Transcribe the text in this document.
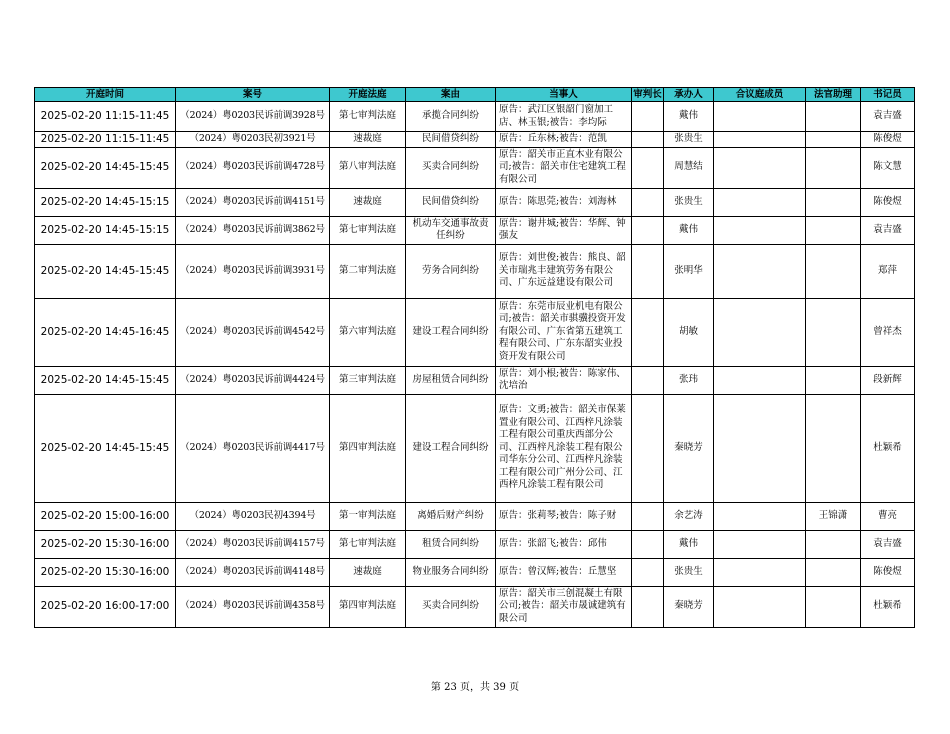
开庭时间	案号	开庭法庭	案由	当事人	审判长	承办人	合议庭成员	法官助理	书记员
2025-02-20 11:15-11:45	（2024）粤0203民诉前调3928号	第七审判法庭	承揽合同纠纷	原告：武江区银韶门窗加工店、林玉银;被告：李均际		戴伟			袁吉盛
2025-02-20 11:15-11:45	（2024）粤0203民初3921号	速裁庭	民间借贷纠纷	原告：丘东林;被告：范凯		张贵生			陈俊煜
2025-02-20 14:45-15:45	（2024）粤0203民诉前调4728号	第八审判法庭	买卖合同纠纷	原告：韶关市正直木业有限公司;被告：韶关市住宅建筑工程有限公司		周慧结			陈文慧
2025-02-20 14:45-15:15	（2024）粤0203民诉前调4151号	速裁庭	民间借贷纠纷	原告：陈思莞;被告：刘海林		张贵生			陈俊煜
2025-02-20 14:45-15:15	（2024）粤0203民诉前调3862号	第七审判法庭	机动车交通事故责任纠纷	原告：谢井城;被告：华辉、钟强友		戴伟			袁吉盛
2025-02-20 14:45-15:45	（2024）粤0203民诉前调3931号	第二审判法庭	劳务合同纠纷	原告：刘世俊;被告：熊良、韶关市瑞兆丰建筑劳务有限公司、广东远益建设有限公司		张明华			郑萍
2025-02-20 14:45-16:45	（2024）粤0203民诉前调4542号	第六审判法庭	建设工程合同纠纷	原告：东莞市辰业机电有限公司;被告：韶关市骐骥投资开发有限公司、广东省第五建筑工程有限公司、广东东韶实业投资开发有限公司		胡敏			曾祥杰
2025-02-20 14:45-15:45	（2024）粤0203民诉前调4424号	第三审判法庭	房屋租赁合同纠纷	原告：刘小根;被告：陈家伟、沈培治		张玮			段新辉
2025-02-20 14:45-15:45	（2024）粤0203民诉前调4417号	第四审判法庭	建设工程合同纠纷	原告：文勇;被告：韶关市保莱置业有限公司、江西梓凡涂装工程有限公司重庆西部分公司、江西梓凡涂装工程有限公司华东分公司、江西梓凡涂装工程有限公司广州分公司、江西梓凡涂装工程有限公司		秦晓芳			杜颖希
2025-02-20 15:00-16:00	（2024）粤0203民初4394号	第一审判法庭	离婚后财产纠纷	原告：张莉琴;被告：陈子财		余艺涛		王锦潇	曹亮
2025-02-20 15:30-16:00	（2024）粤0203民诉前调4157号	第七审判法庭	租赁合同纠纷	原告：张韶飞;被告：邱伟		戴伟			袁吉盛
2025-02-20 15:30-16:00	（2024）粤0203民诉前调4148号	速裁庭	物业服务合同纠纷	原告：曾汉辉;被告：丘慧坚		张贵生			陈俊煜
2025-02-20 16:00-17:00	（2024）粤0203民诉前调4358号	第四审判法庭	买卖合同纠纷	原告：韶关市三创混凝土有限公司;被告：韶关市晟诚建筑有限公司		秦晓芳			杜颖希
第 23 页，共 39 页
